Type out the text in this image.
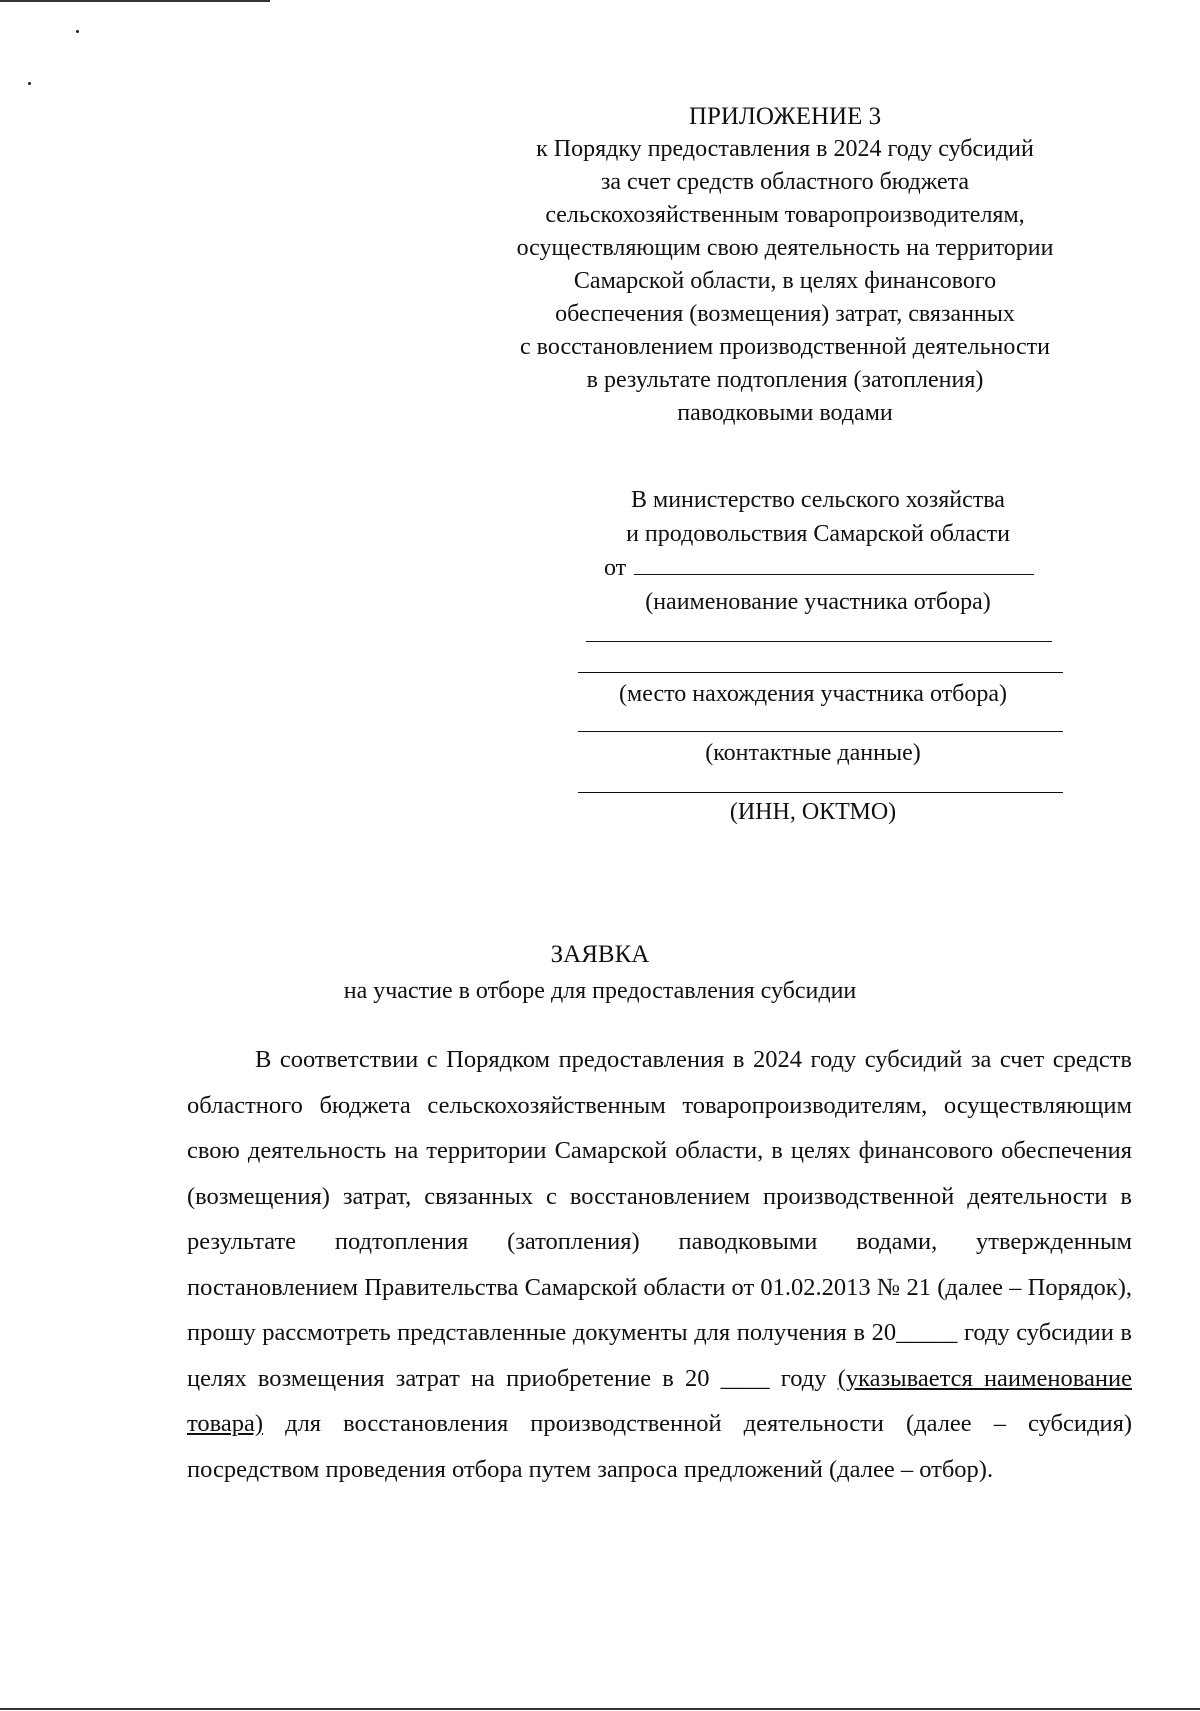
ПРИЛОЖЕНИЕ 3
к Порядку предоставления в 2024 году субсидий
за счет средств областного бюджета
сельскохозяйственным товаропроизводителям,
осуществляющим свою деятельность на территории
Самарской области, в целях финансового
обеспечения (возмещения) затрат, связанных
с восстановлением производственной деятельности
в результате подтопления (затопления)
паводковыми водами
В министерство сельского хозяйства
и продовольствия Самарской области
от
(наименование участника отбора)
(место нахождения участника отбора)
(контактные данные)
(ИНН, ОКТМО)
ЗАЯВКА
на участие в отборе для предоставления субсидии

В соответствии с Порядком предоставления в 2024 году субсидий за счет средств областного бюджета сельскохозяйственным товаропроизводителям, осуществляющим свою деятельность на территории Самарской области, в целях финансового обеспечения (возмещения) затрат, связанных с восстановлением производственной деятельности в результате подтопления (затопления) паводковыми водами, утвержденным постановлением Правительства Самарской области от 01.02.2013 № 21 (далее – Порядок), прошу рассмотреть представленные документы для получения в 20_____ году субсидии в целях возмещения затрат на приобретение в 20 ____ году (указывается наименование товара) для восстановления производственной деятельности (далее – субсидия) посредством проведения отбора путем запроса предложений (далее – отбор).
